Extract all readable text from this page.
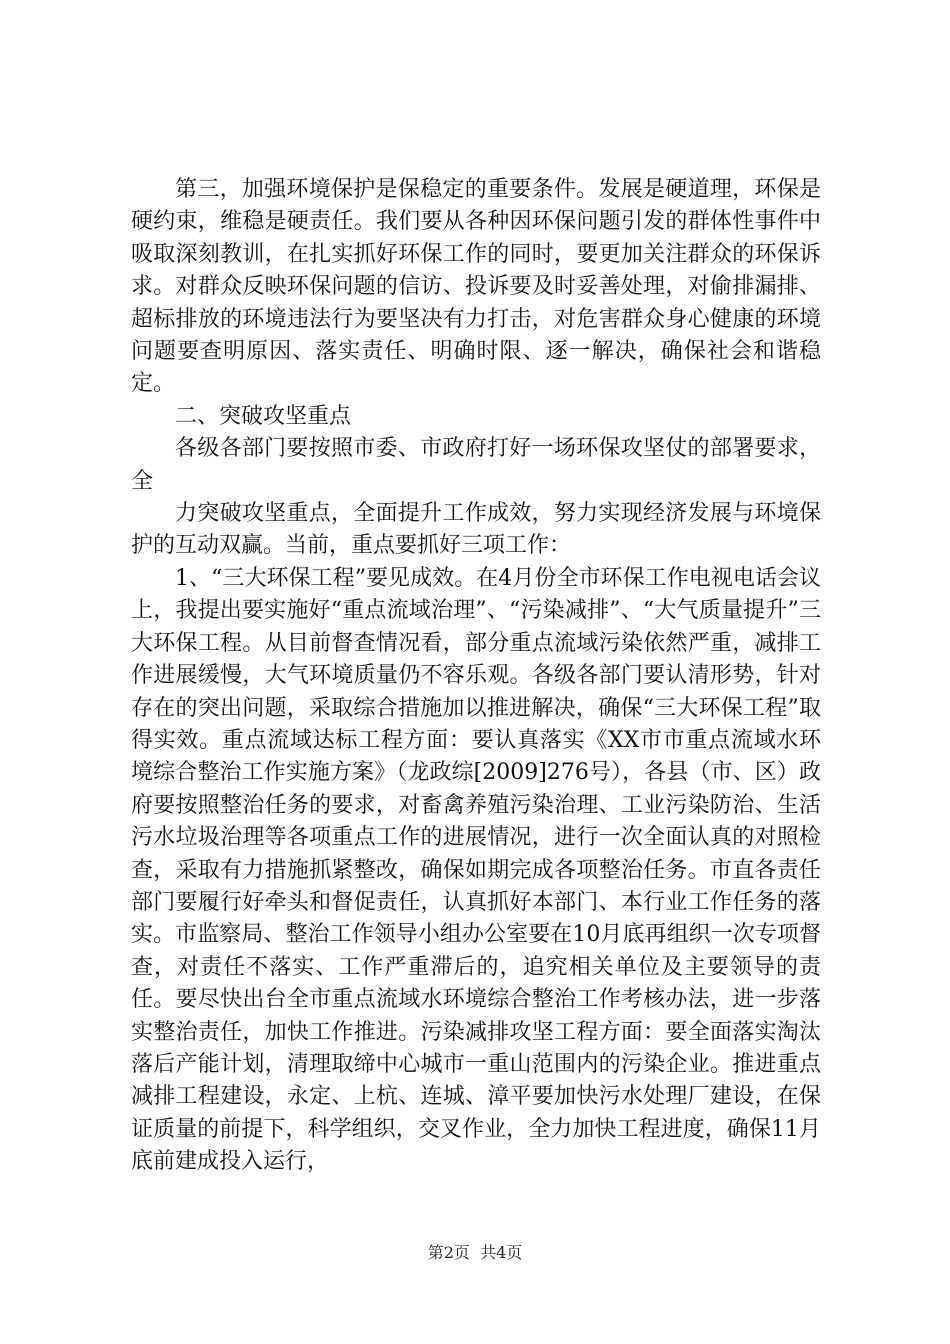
第三，加强环境保护是保稳定的重要条件。发展是硬道理，环保是硬约束，维稳是硬责任。我们要从各种因环保问题引发的群体性事件中吸取深刻教训，在扎实抓好环保工作的同时，要更加关注群众的环保诉求。对群众反映环保问题的信访、投诉要及时妥善处理，对偷排漏排、超标排放的环境违法行为要坚决有力打击，对危害群众身心健康的环境问题要查明原因、落实责任、明确时限、逐一解决，确保社会和谐稳定。

二、突破攻坚重点

各级各部门要按照市委、市政府打好一场环保攻坚仗的部署要求，全

力突破攻坚重点，全面提升工作成效，努力实现经济发展与环境保护的互动双赢。当前，重点要抓好三项工作：

1、“三大环保工程”要见成效。在4月份全市环保工作电视电话会议上，我提出要实施好“重点流域治理”、“污染减排”、“大气质量提升”三大环保工程。从目前督查情况看，部分重点流域污染依然严重，减排工作进展缓慢，大气环境质量仍不容乐观。各级各部门要认清形势，针对存在的突出问题，采取综合措施加以推进解决，确保“三大环保工程”取得实效。重点流域达标工程方面：要认真落实《XX市市重点流域水环境综合整治工作实施方案》（龙政综[2009]276号），各县（市、区）政府要按照整治任务的要求，对畜禽养殖污染治理、工业污染防治、生活污水垃圾治理等各项重点工作的进展情况，进行一次全面认真的对照检查，采取有力措施抓紧整改，确保如期完成各项整治任务。市直各责任部门要履行好牵头和督促责任，认真抓好本部门、本行业工作任务的落实。市监察局、整治工作领导小组办公室要在10月底再组织一次专项督查，对责任不落实、工作严重滞后的，追究相关单位及主要领导的责任。要尽快出台全市重点流域水环境综合整治工作考核办法，进一步落实整治责任，加快工作推进。污染减排攻坚工程方面：要全面落实淘汰落后产能计划，清理取缔中心城市一重山范围内的污染企业。推进重点减排工程建设，永定、上杭、连城、漳平要加快污水处理厂建设，在保证质量的前提下，科学组织，交叉作业，全力加快工程进度，确保11月底前建成投入运行，

第2页 共4页
